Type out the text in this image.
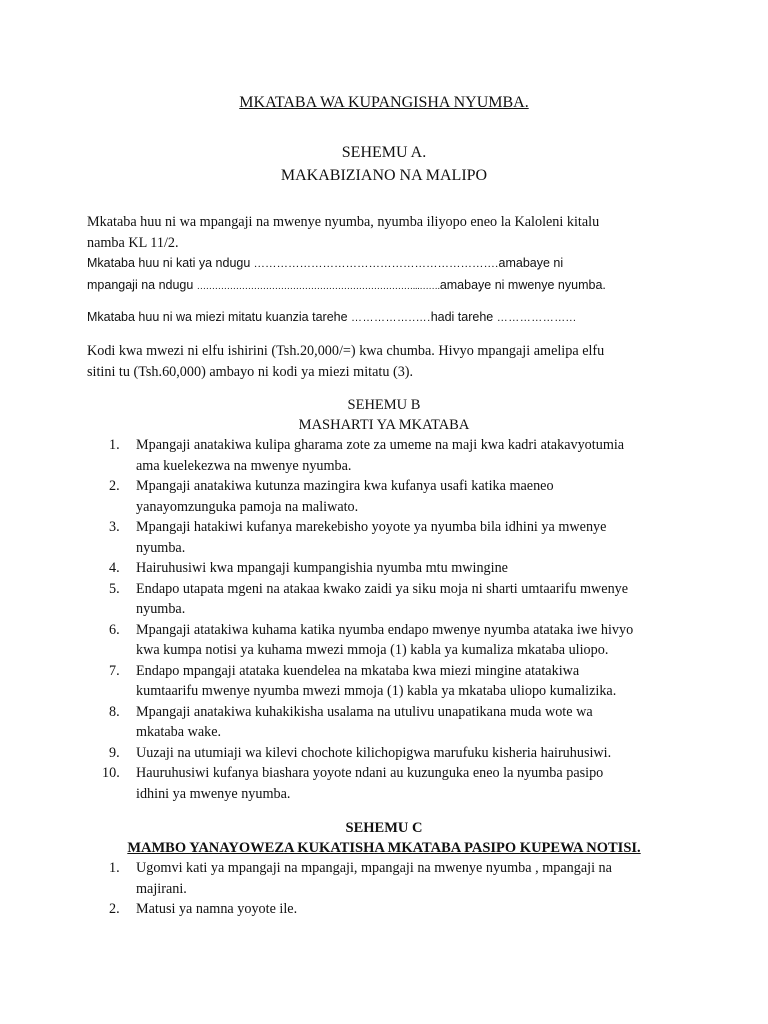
MKATABA WA KUPANGISHA NYUMBA.
SEHEMU A.
MAKABIZIANO NA MALIPO
Mkataba huu ni wa mpangaji na mwenye nyumba, nyumba iliyopo eneo la Kaloleni kitalu
namba KL 11/2.
Mkataba huu ni kati ya ndugu ……………………………………………………….amabaye ni
mpangaji na ndugu ………………………………………………………………...…….amabaye ni mwenye nyumba.
Mkataba huu ni wa miezi mitatu kuanzia tarehe ……………..….hadi tarehe ………………...
Kodi kwa mwezi ni elfu ishirini (Tsh.20,000/=) kwa chumba. Hivyo mpangaji amelipa elfu
sitini tu (Tsh.60,000) ambayo ni kodi ya miezi mitatu (3).
SEHEMU B
MASHARTI YA MKATABA
1. Mpangaji anatakiwa kulipa gharama zote za umeme na maji kwa kadri atakavyotumia
ama kuelekezwa na mwenye nyumba.
2. Mpangaji anatakiwa kutunza mazingira kwa kufanya usafi katika maeneo
yanayomzunguka pamoja na maliwato.
3. Mpangaji hatakiwi kufanya marekebisho yoyote ya nyumba bila idhini ya mwenye
nyumba.
4. Hairuhusiwi kwa mpangaji kumpangishia nyumba mtu mwingine
5. Endapo utapata mgeni na atakaa kwako zaidi ya siku moja ni sharti umtaarifu mwenye
nyumba.
6. Mpangaji atatakiwa kuhama katika nyumba endapo mwenye nyumba atataka iwe hivyo
kwa kumpa notisi ya kuhama mwezi mmoja (1) kabla ya kumaliza mkataba uliopo.
7. Endapo mpangaji atataka kuendelea na mkataba kwa miezi mingine atatakiwa
kumtaarifu mwenye nyumba mwezi mmoja (1) kabla ya mkataba uliopo kumalizika.
8. Mpangaji anatakiwa kuhakikisha usalama na utulivu unapatikana muda wote wa
mkataba wake.
9. Uuzaji na utumiaji wa kilevi chochote kilichopigwa marufuku kisheria hairuhusiwi.
10. Hauruhusiwi kufanya biashara yoyote ndani au kuzunguka eneo la nyumba pasipo
idhini ya mwenye nyumba.
SEHEMU C
MAMBO YANAYOWEZA KUKATISHA MKATABA PASIPO KUPEWA NOTISI.
1. Ugomvi kati ya mpangaji na mpangaji, mpangaji na mwenye nyumba , mpangaji na
majirani.
2. Matusi ya namna yoyote ile.
